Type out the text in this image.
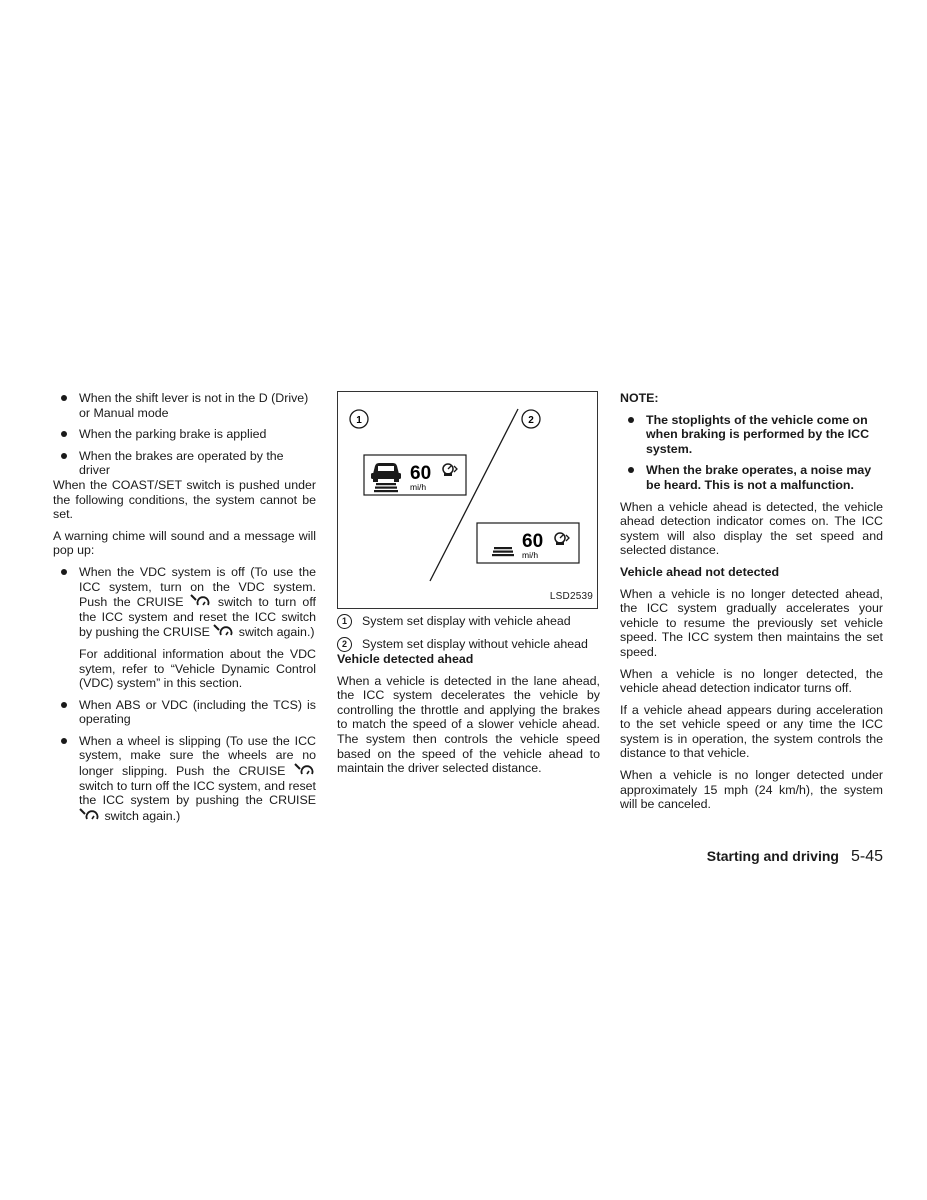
When the shift lever is not in the D (Drive) or Manual mode

When the parking brake is applied

When the brakes are operated by the driver

When the COAST/SET switch is pushed under the following conditions, the system cannot be set.

A warning chime will sound and a message will pop up:

When the VDC system is off (To use the ICC system, turn on the VDC system. Push the CRUISE	switch to turn off the ICC system and reset the ICC switch by pushing the CRUISE switch again.)

For additional information about the VDC sytem, refer to “Vehicle Dynamic Control (VDC) system” in this section.

When ABS or VDC (including the TCS) is operating

When a wheel is slipping (To use the ICC system, make sure the wheels are no longer slipping. Push the CRUISE  switch to turn off the ICC system, and reset the ICC system by pushing the CRUISE  switch again.)

1	2
60
mi/h
60
mi/h
LSD2539
1	System set display with vehicle ahead
2	System set display without vehicle ahead

Vehicle detected ahead

When a vehicle is detected in the lane ahead, the ICC system decelerates the vehicle by controlling the throttle and applying the brakes to match the speed of a slower vehicle ahead. The system then controls the vehicle speed based on the speed of the vehicle ahead to maintain the driver selected distance.

NOTE:

The stoplights of the vehicle come on when braking is performed by the ICC system.

When the brake operates, a noise may be heard. This is not a malfunction.

When a vehicle ahead is detected, the vehicle ahead detection indicator comes on. The ICC system will also display the set speed and selected distance.

Vehicle ahead not detected

When a vehicle is no longer detected ahead, the ICC system gradually accelerates your vehicle to resume the previously set vehicle speed. The ICC system then maintains the set speed.

When a vehicle is no longer detected, the vehicle ahead detection indicator turns off.

If a vehicle ahead appears during acceleration to the set vehicle speed or any time the ICC system is in operation, the system controls the distance to that vehicle.

When a vehicle is no longer detected under approximately 15 mph (24 km/h), the system will be canceled.

Starting and driving 5-45
